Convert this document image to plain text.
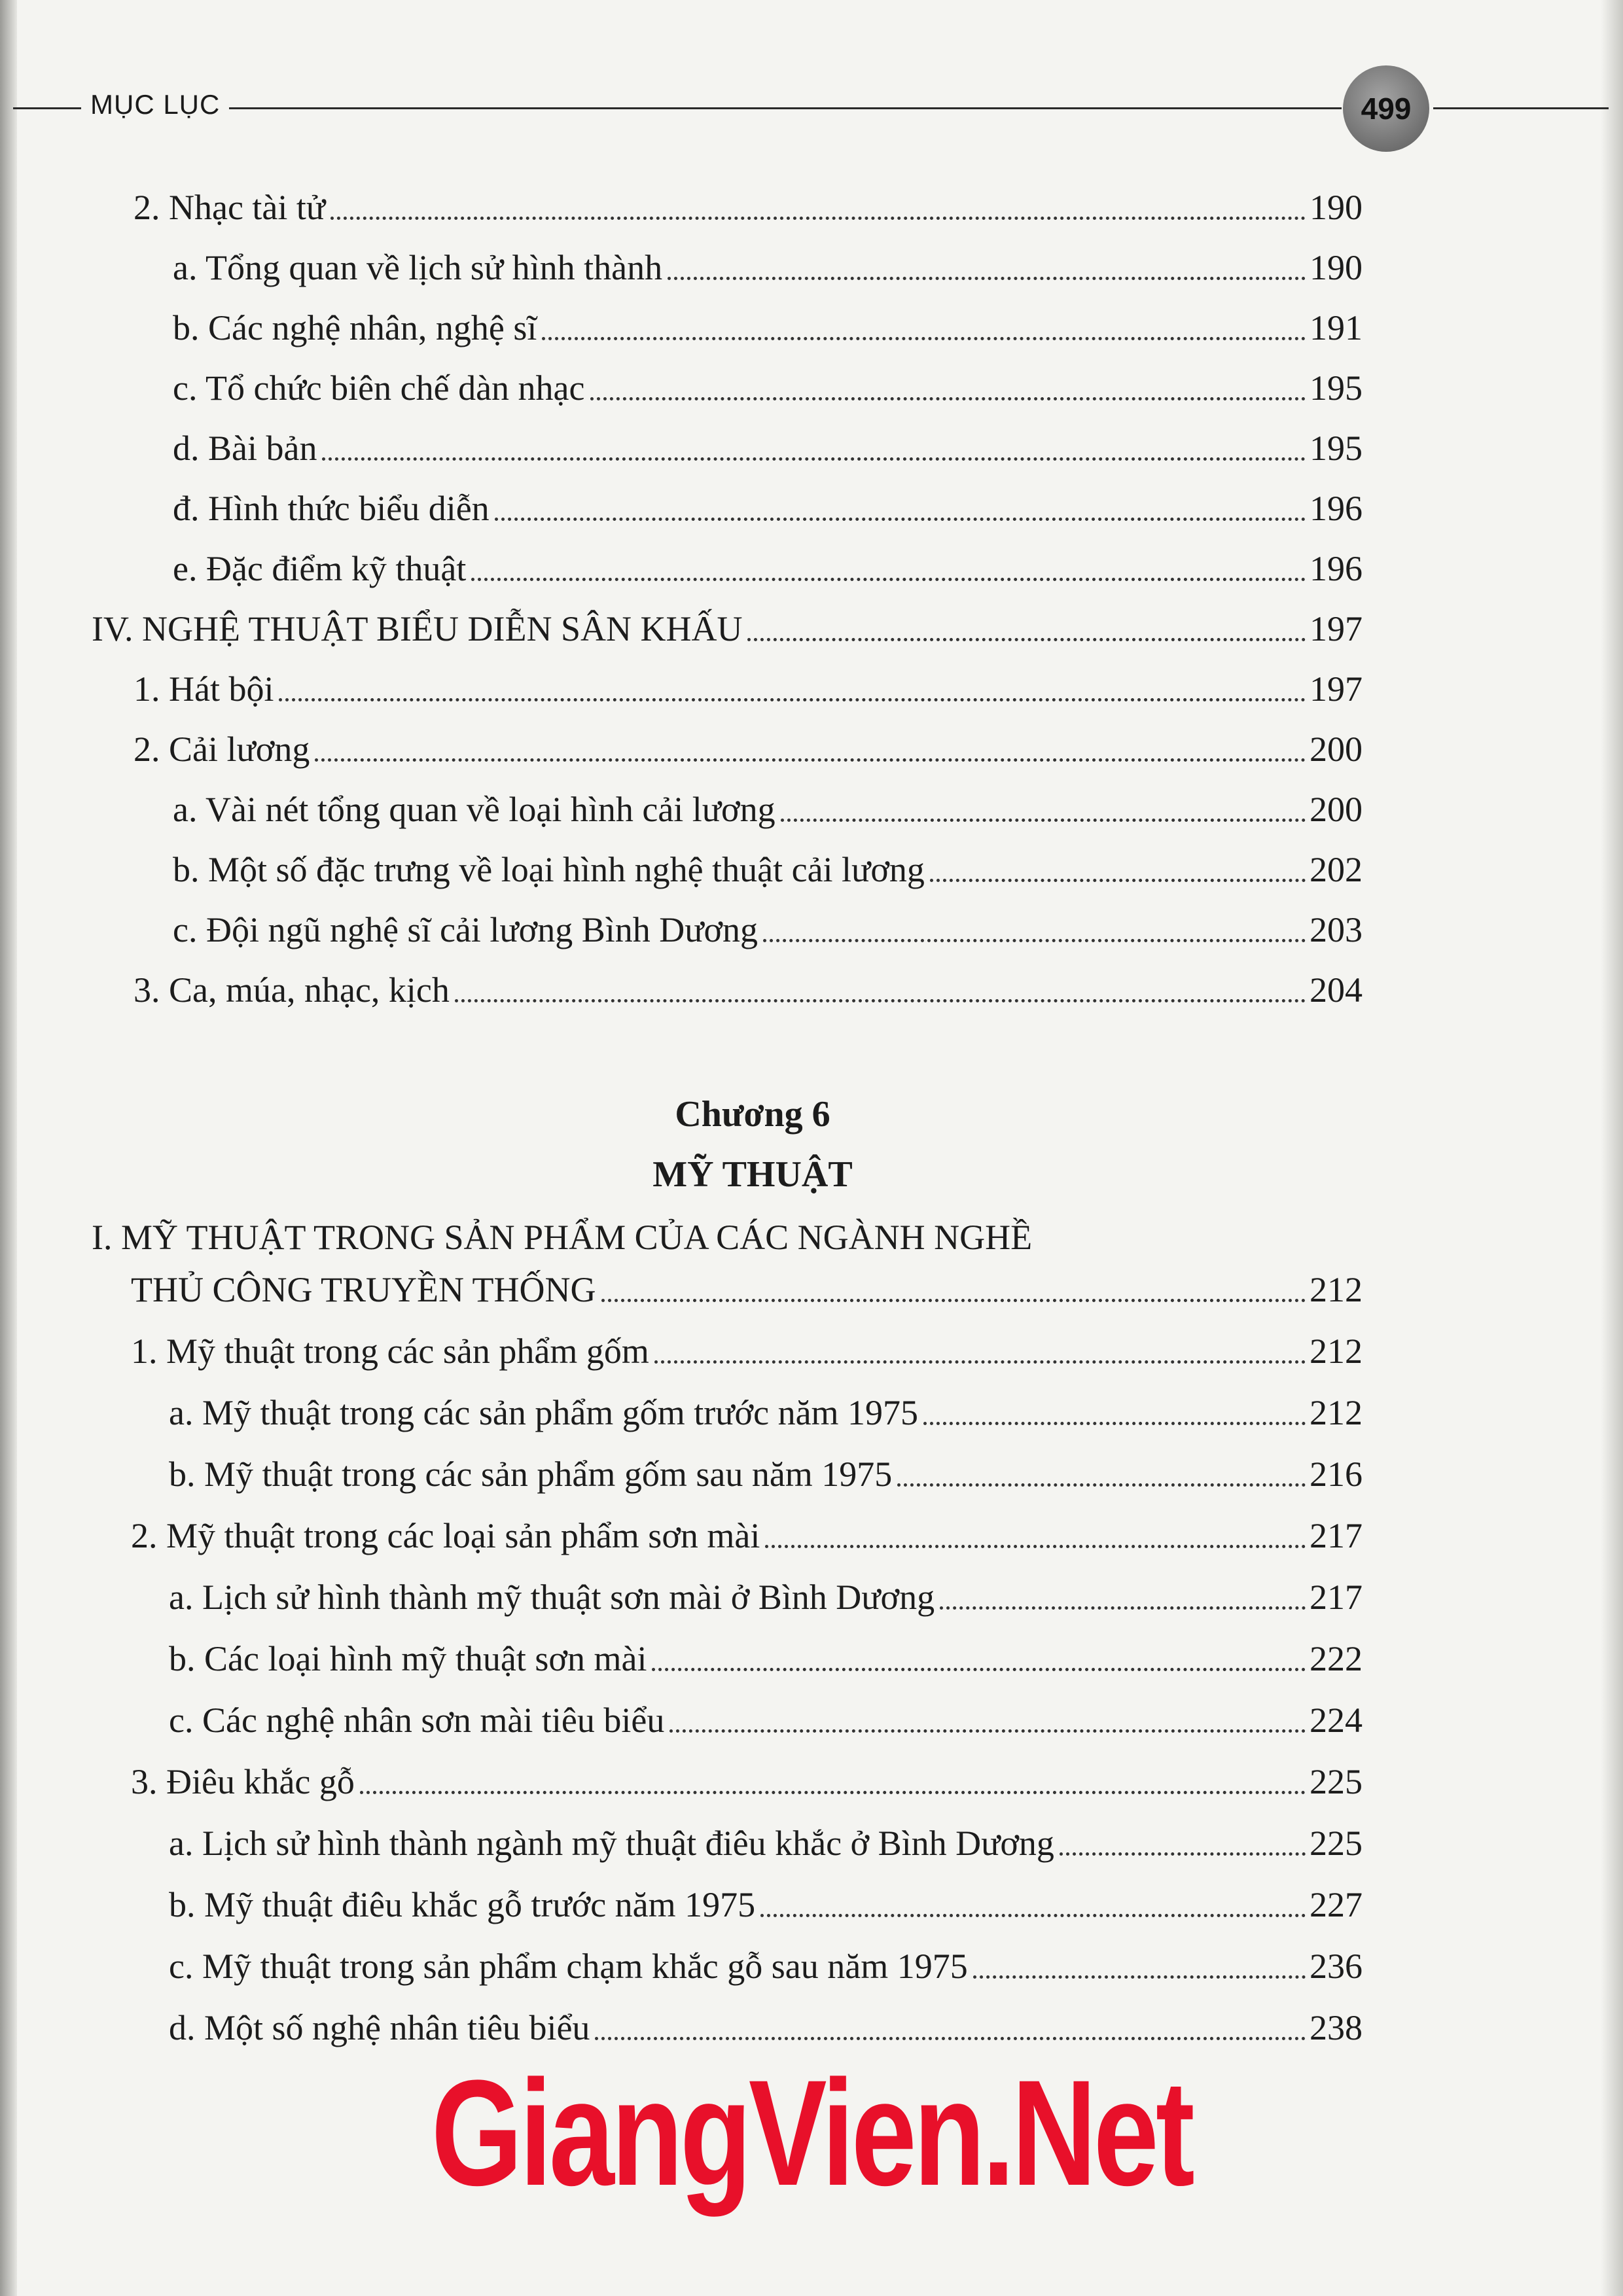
MỤC LỤC	499
2. Nhạc tài tử	190
a. Tổng quan về lịch sử hình thành	190
b. Các nghệ nhân, nghệ sĩ	191
c. Tổ chức biên chế dàn nhạc	195
d. Bài bản	195
đ. Hình thức biểu diễn	196
e. Đặc điểm kỹ thuật	196
IV. NGHỆ THUẬT BIỂU DIỄN SÂN KHẤU	197
1. Hát bội	197
2. Cải lương	200
a. Vài nét tổng quan về loại hình cải lương	200
b. Một số đặc trưng về loại hình nghệ thuật cải lương	202
c. Đội ngũ nghệ sĩ cải lương Bình Dương	203
3. Ca, múa, nhạc, kịch	204
Chương 6
MỸ THUẬT
I. MỸ THUẬT TRONG SẢN PHẨM CỦA CÁC NGÀNH NGHỀ
THỦ CÔNG TRUYỀN THỐNG	212
1. Mỹ thuật trong các sản phẩm gốm	212
a. Mỹ thuật trong các sản phẩm gốm trước năm 1975	212
b. Mỹ thuật trong các sản phẩm gốm sau năm 1975	216
2. Mỹ thuật trong các loại sản phẩm sơn mài	217
a. Lịch sử hình thành mỹ thuật sơn mài ở Bình Dương	217
b. Các loại hình mỹ thuật sơn mài	222
c. Các nghệ nhân sơn mài tiêu biểu	224
3. Điêu khắc gỗ	225
a. Lịch sử hình thành ngành mỹ thuật điêu khắc ở Bình Dương	225
b. Mỹ thuật điêu khắc gỗ trước năm 1975	227
c. Mỹ thuật trong sản phẩm chạm khắc gỗ sau năm 1975	236
d. Một số nghệ nhân tiêu biểu	238
GiangVien.Net
